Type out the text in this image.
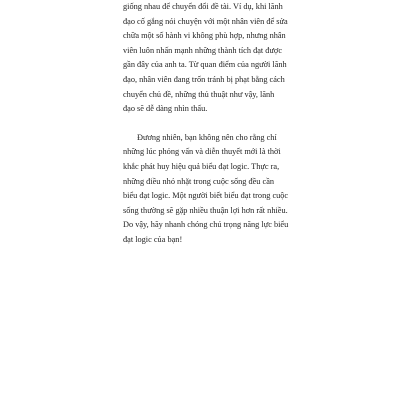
giống nhau để chuyển đổi đề tài. Ví dụ, khi lãnh
đạo cố gắng nói chuyện với một nhân viên để sửa
chữa một số hành vi không phù hợp, nhưng nhân
viên luôn nhấn mạnh những thành tích đạt được
gần đây của anh ta. Từ quan điểm của người lãnh
đạo, nhân viên đang trốn tránh bị phạt bằng cách
chuyển chủ đề, những thủ thuật như vậy, lãnh
đạo sẽ dễ dàng nhìn thấu.
Đương nhiên, bạn không nên cho rằng chỉ
những lúc phỏng vấn và diễn thuyết mới là thời
khắc phát huy hiệu quả biểu đạt logic. Thực ra,
những điều nhỏ nhặt trong cuộc sống đều cần
biểu đạt logic. Một người biết biểu đạt trong cuộc
sống thường sẽ gặp nhiều thuận lợi hơn rất nhiều.
Do vậy, hãy nhanh chóng chú trọng năng lực biểu
đạt logic của bạn!
